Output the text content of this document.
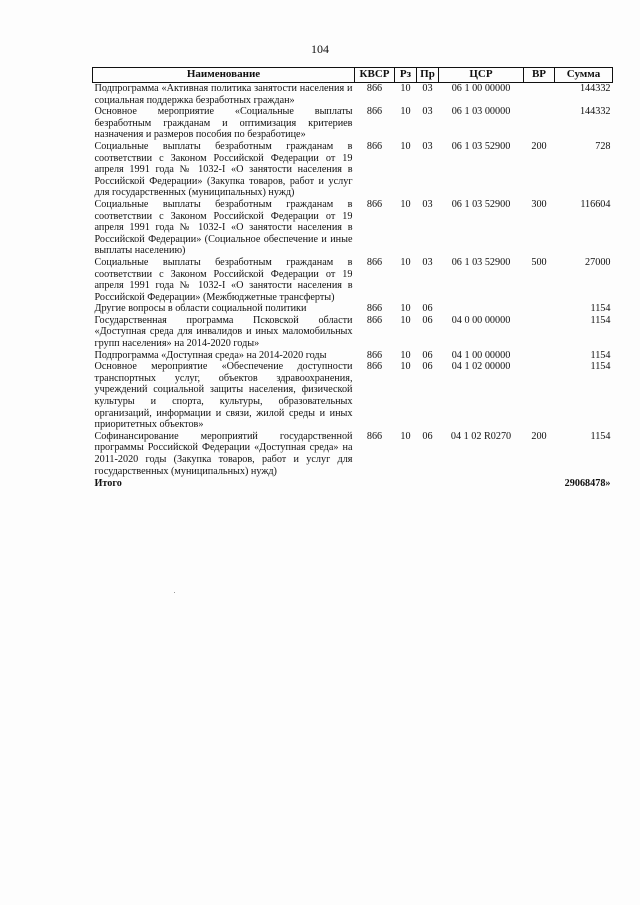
104
Наименование	КВСР	Рз	Пр	ЦСР	ВР	Сумма
Подпрограмма «Активная политика занятости населения и социальная поддержка безработных граждан»	866	10	03	06 1 00 00000		144332
Основное мероприятие «Социальные выплаты безработным гражданам и оптимизация критериев назначения и размеров пособия по безработице»	866	10	03	06 1 03 00000		144332
Социальные выплаты безработным гражданам в соответствии с Законом Российской Федерации от 19 апреля 1991 года № 1032-I «О занятости населения в Российской Федерации» (Закупка товаров, работ и услуг для государственных (муниципальных) нужд)	866	10	03	06 1 03 52900	200	728
Социальные выплаты безработным гражданам в соответствии с Законом Российской Федерации от 19 апреля 1991 года № 1032-I «О занятости населения в Российской Федерации» (Социальное обеспечение и иные выплаты населению)	866	10	03	06 1 03 52900	300	116604
Социальные выплаты безработным гражданам в соответствии с Законом Российской Федерации от 19 апреля 1991 года № 1032-I «О занятости населения в Российской Федерации» (Межбюджетные трансферты)	866	10	03	06 1 03 52900	500	27000
Другие вопросы в области социальной политики	866	10	06			1154
Государственная программа Псковской области «Доступная среда для инвалидов и иных маломобильных групп населения» на 2014-2020 годы»	866	10	06	04 0 00 00000		1154
Подпрограмма «Доступная среда» на 2014-2020 годы	866	10	06	04 1 00 00000		1154
Основное мероприятие «Обеспечение доступности транспортных услуг, объектов здравоохранения, учреждений социальной защиты населения, физической культуры и спорта, культуры, образовательных организаций, информации и связи, жилой среды и иных приоритетных объектов»	866	10	06	04 1 02 00000		1154
Софинансирование мероприятий государственной программы Российской Федерации «Доступная среда» на 2011-2020 годы (Закупка товаров, работ и услуг для государственных (муниципальных) нужд)	866	10	06	04 1 02 R0270	200	1154
Итого						29068478»
